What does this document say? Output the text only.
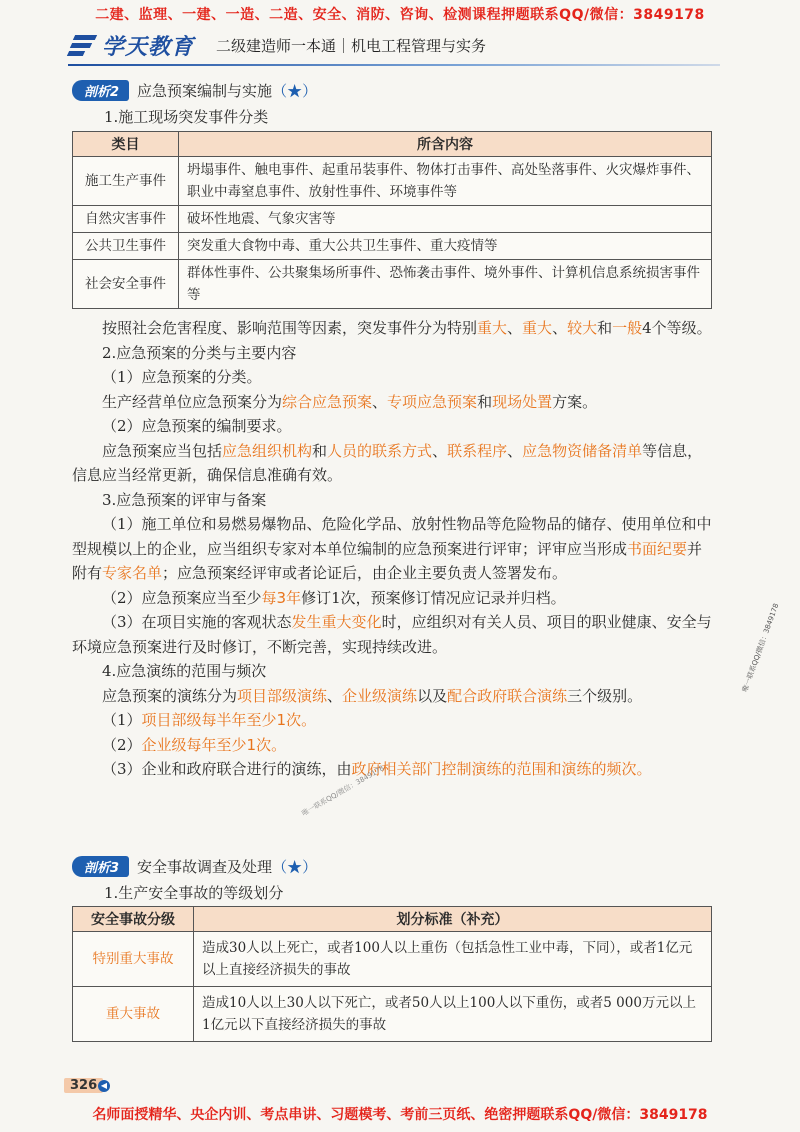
二建、监理、一建、一造、二造、安全、消防、咨询、检测课程押题联系QQ/微信：3849178
学天教育 二级建造师一本通｜机电工程管理与实务
剖析2	应急预案编制与实施 （★）
1.施工现场突发事件分类
类目	所含内容
施工生产事件	坍塌事件、触电事件、起重吊装事件、物体打击事件、高处坠落事件、火灾爆炸事件、职业中毒窒息事件、放射性事件、环境事件等
自然灾害事件	破坏性地震、气象灾害等
公共卫生事件	突发重大食物中毒、重大公共卫生事件、重大疫情等
社会安全事件	群体性事件、公共聚集场所事件、恐怖袭击事件、境外事件、计算机信息系统损害事件等

按照社会危害程度、影响范围等因素，突发事件分为特别重大、重大、较大和一般4个等级。

2.应急预案的分类与主要内容

（1）应急预案的分类。

生产经营单位应急预案分为综合应急预案、专项应急预案和现场处置方案。

（2）应急预案的编制要求。

应急预案应当包括应急组织机构和人员的联系方式、联系程序、应急物资储备清单等信息，信息应当经常更新，确保信息准确有效。

3.应急预案的评审与备案

（1）施工单位和易燃易爆物品、危险化学品、放射性物品等危险物品的储存、使用单位和中型规模以上的企业，应当组织专家对本单位编制的应急预案进行评审；评审应当形成书面纪要并附有专家名单；应急预案经评审或者论证后，由企业主要负责人签署发布。

（2）应急预案应当至少每3年修订1次，预案修订情况应记录并归档。

（3）在项目实施的客观状态发生重大变化时，应组织对有关人员、项目的职业健康、安全与环境应急预案进行及时修订，不断完善，实现持续改进。

4.应急演练的范围与频次

应急预案的演练分为项目部级演练、企业级演练以及配合政府联合演练三个级别。

（1）项目部级每半年至少1次。

（2）企业级每年至少1次。

（3）企业和政府联合进行的演练，由政府相关部门控制演练的范围和演练的频次。

剖析3	安全事故调查及处理 （★）
1.生产安全事故的等级划分
安全事故分级	划分标准（补充）
特别重大事故	造成30人以上死亡，或者100人以上重伤（包括急性工业中毒，下同），或者1亿元以上直接经济损失的事故
重大事故	造成10人以上30人以下死亡，或者50人以上100人以下重伤，或者5 000万元以上1亿元以下直接经济损失的事故
唯一联系QQ/微信：3849178
唯一联系QQ/微信：3849178
326 ◀
名师面授精华、央企内训、考点串讲、习题模考、考前三页纸、绝密押题联系QQ/微信：3849178
